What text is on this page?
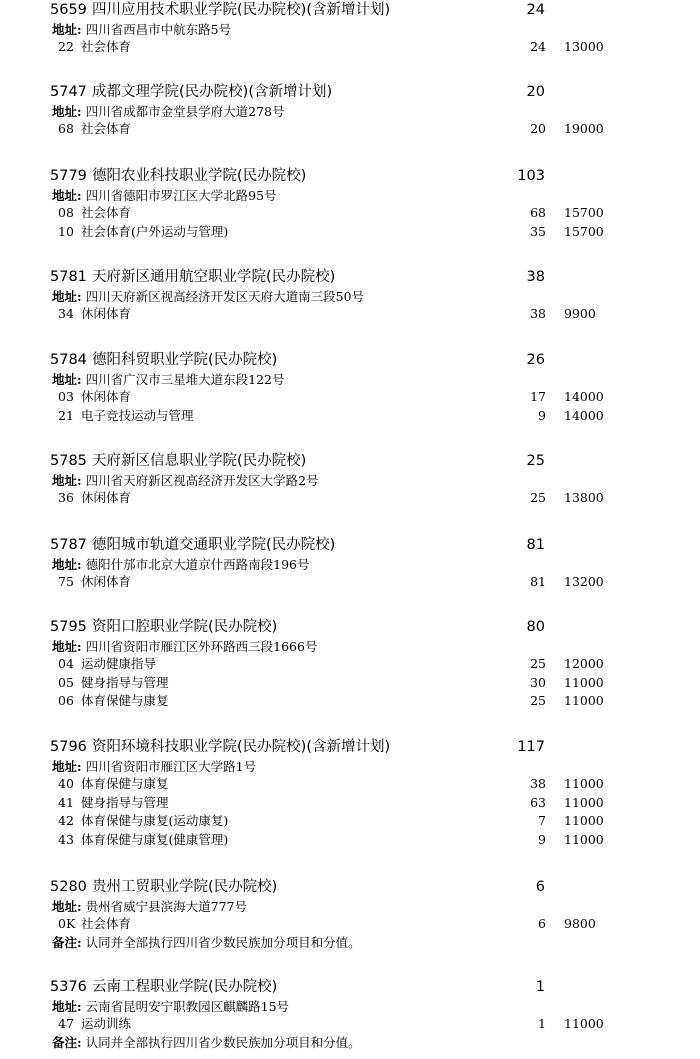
5659 四川应用技术职业学院(民办院校)(含新增计划)	24
地址: 四川省西昌市中航东路5号
22 社会体育	24 13000
5747 成都文理学院(民办院校)(含新增计划)	20
地址: 四川省成都市金堂县学府大道278号
68 社会体育	20 19000
5779 德阳农业科技职业学院(民办院校)	103
地址: 四川省德阳市罗江区大学北路95号
08 社会体育	68 15700
10 社会体育(户外运动与管理)	35 15700
5781 天府新区通用航空职业学院(民办院校)	38
地址: 四川天府新区视高经济开发区天府大道南三段50号
34 休闲体育	38 9900
5784 德阳科贸职业学院(民办院校)	26
地址: 四川省广汉市三星堆大道东段122号
03 休闲体育	17 14000
21 电子竞技运动与管理	9 14000
5785 天府新区信息职业学院(民办院校)	25
地址: 四川省天府新区视高经济开发区大学路2号
36 休闲体育	25 13800
5787 德阳城市轨道交通职业学院(民办院校)	81
地址: 德阳什邡市北京大道京什西路南段196号
75 休闲体育	81 13200
5795 资阳口腔职业学院(民办院校)	80
地址: 四川省资阳市雁江区外环路西三段1666号
04 运动健康指导	25 12000
05 健身指导与管理	30 11000
06 体育保健与康复	25 11000
5796 资阳环境科技职业学院(民办院校)(含新增计划)	117
地址: 四川省资阳市雁江区大学路1号
40 体育保健与康复	38 11000
41 健身指导与管理	63 11000
42 体育保健与康复(运动康复)	7 11000
43 体育保健与康复(健康管理)	9 11000
5280 贵州工贸职业学院(民办院校)	6
地址: 贵州省威宁县滨海大道777号
0K 社会体育	6 9800
备注: 认同并全部执行四川省少数民族加分项目和分值。
5376 云南工程职业学院(民办院校)	1
地址: 云南省昆明安宁职教园区麒麟路15号
47 运动训练	1 11000
备注: 认同并全部执行四川省少数民族加分项目和分值。
